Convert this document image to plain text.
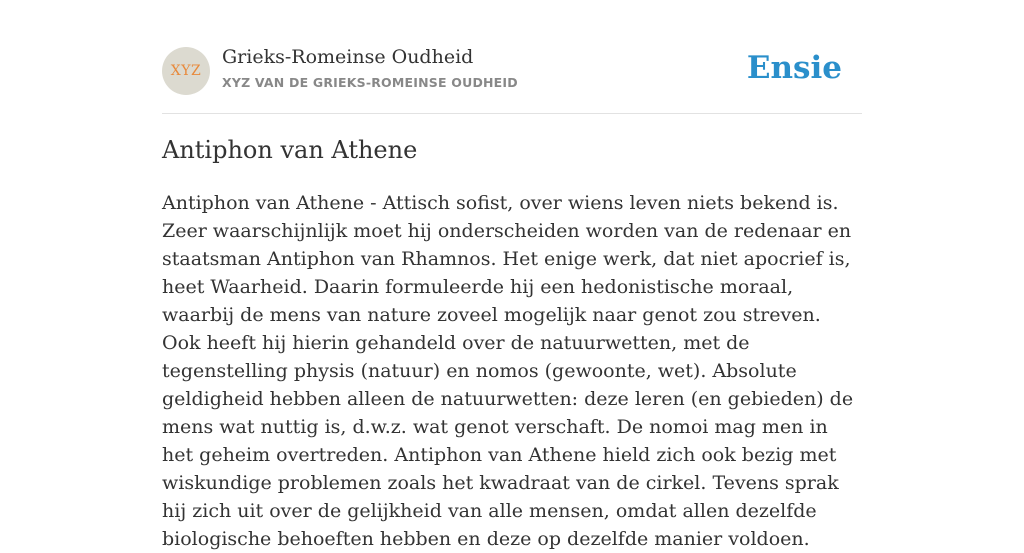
XYZ
Grieks-Romeinse Oudheid
XYZ VAN DE GRIEKS-ROMEINSE OUDHEID	Ensie
Antiphon van Athene

Antiphon van Athene - Attisch sofist, over wiens leven niets bekend is. Zeer waarschijnlijk moet hij onderscheiden worden van de redenaar en staatsman Antiphon van Rhamnos. Het enige werk, dat niet apocrief is, heet Waarheid. Daarin formuleerde hij een hedonistische moraal, waarbij de mens van nature zoveel mogelijk naar genot zou streven. Ook heeft hij hierin gehandeld over de natuurwetten, met de tegenstelling physis (natuur) en nomos (gewoonte, wet). Absolute geldigheid hebben alleen de natuurwetten: deze leren (en gebieden) de mens wat nuttig is, d.w.z. wat genot verschaft. De nomoi mag men in het geheim overtreden. Antiphon van Athene hield zich ook bezig met wiskundige problemen zoals het kwadraat van de cirkel. Tevens sprak hij zich uit over de gelijkheid van alle mensen, omdat allen dezelfde biologische behoeften hebben en deze op dezelfde manier voldoen.
